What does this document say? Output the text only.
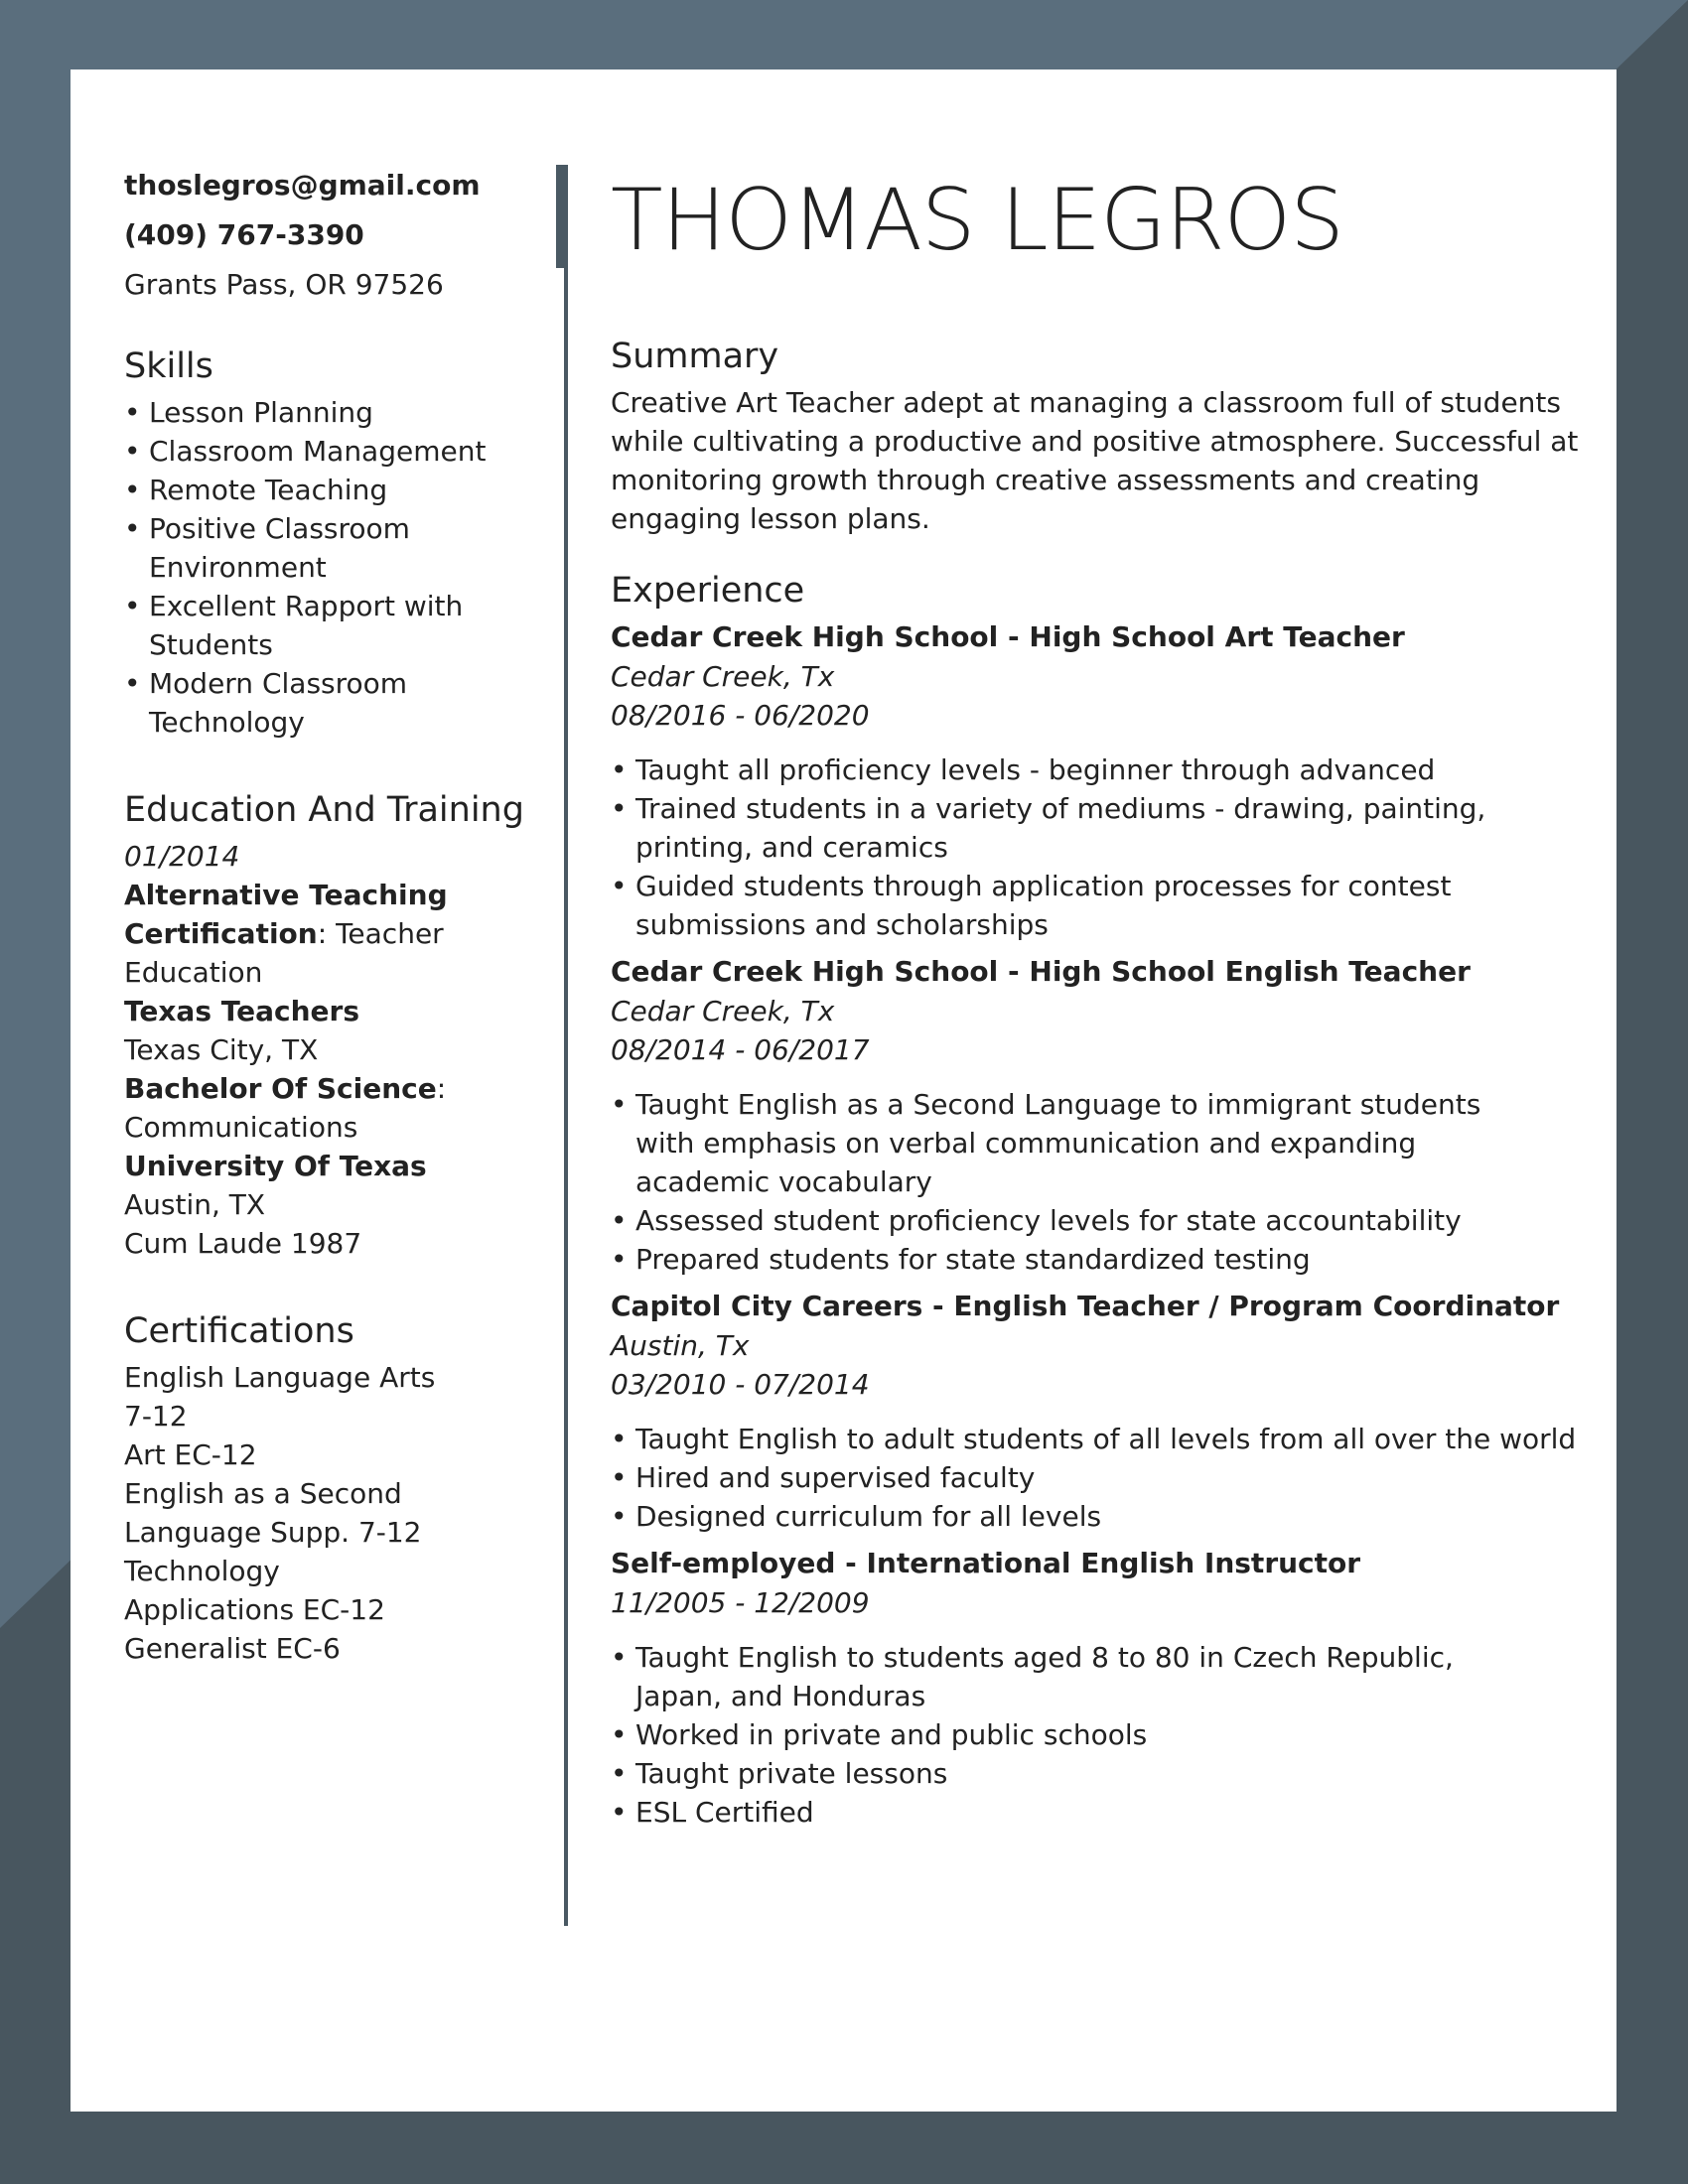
thoslegros@gmail.com
(409) 767-3390
Grants Pass, OR 97526
Skills
• Lesson Planning
• Classroom Management
• Remote Teaching
• Positive Classroom Environment
• Excellent Rapport with Students
• Modern Classroom Technology
Education And Training
01/2014
Alternative Teaching Certification: Teacher Education
Texas Teachers
Texas City, TX
Bachelor Of Science: Communications
University Of Texas
Austin, TX
Cum Laude 1987
Certifications
English Language Arts 7-12
Art EC-12
English as a Second Language Supp. 7-12
Technology Applications EC-12
Generalist EC-6
THOMAS LEGROS
Summary
Creative Art Teacher adept at managing a classroom full of students while cultivating a productive and positive atmosphere. Successful at monitoring growth through creative assessments and creating engaging lesson plans.
Experience
Cedar Creek High School - High School Art Teacher
Cedar Creek, Tx
08/2016 - 06/2020
• Taught all proficiency levels - beginner through advanced
• Trained students in a variety of mediums - drawing, painting, printing, and ceramics
• Guided students through application processes for contest submissions and scholarships
Cedar Creek High School - High School English Teacher
Cedar Creek, Tx
08/2014 - 06/2017
• Taught English as a Second Language to immigrant students with emphasis on verbal communication and expanding academic vocabulary
• Assessed student proficiency levels for state accountability
• Prepared students for state standardized testing
Capitol City Careers - English Teacher / Program Coordinator
Austin, Tx
03/2010 - 07/2014
• Taught English to adult students of all levels from all over the world
• Hired and supervised faculty
• Designed curriculum for all levels
Self-employed - International English Instructor
11/2005 - 12/2009
• Taught English to students aged 8 to 80 in Czech Republic, Japan, and Honduras
• Worked in private and public schools
• Taught private lessons
• ESL Certified
